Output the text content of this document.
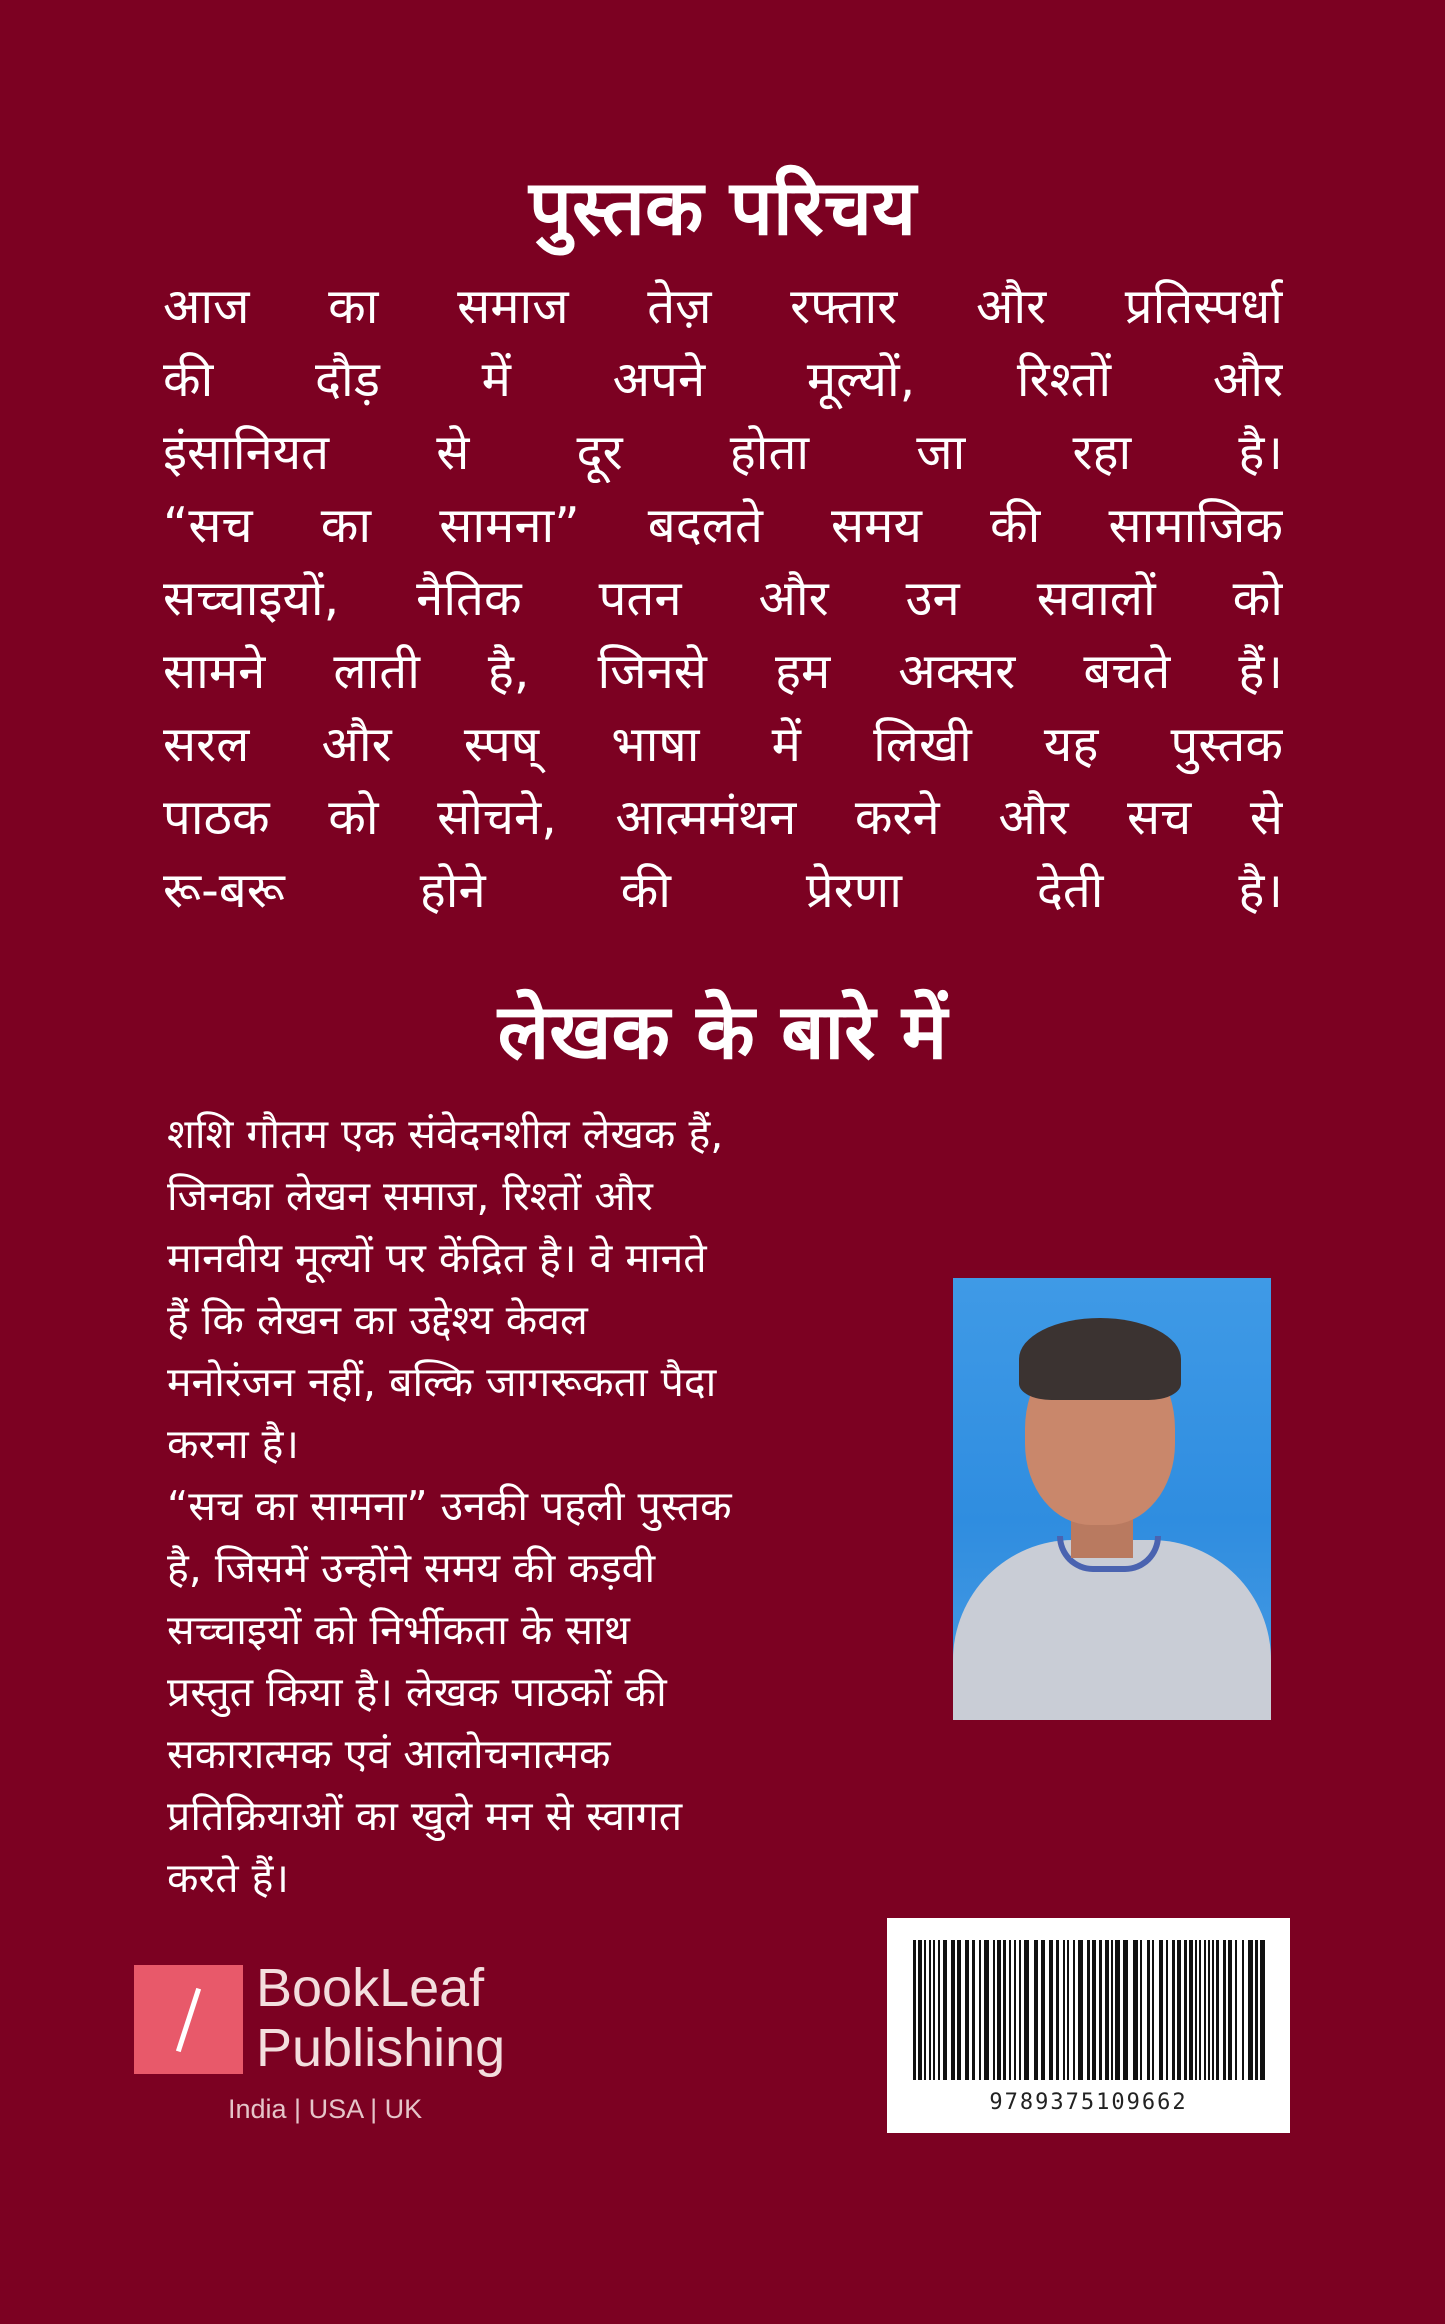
पुस्तक परिचय
आज का समाज तेज़ रफ्तार और प्रतिस्पर्धा
की दौड़ में अपने मूल्यों, रिश्तों और
इंसानियत से दूर होता जा रहा है।
“सच का सामना” बदलते समय की सामाजिक
सच्चाइयों, नैतिक पतन और उन सवालों को
सामने लाती है, जिनसे हम अक्सर बचते हैं।
सरल और स्पष् भाषा में लिखी यह पुस्तक
पाठक को सोचने, आत्ममंथन करने और सच से
रू-बरू होने की प्रेरणा देती है।
लेखक के बारे में
शशि गौतम एक संवेदनशील लेखक हैं,
जिनका लेखन समाज, रिश्तों और
मानवीय मूल्यों पर केंद्रित है। वे मानते
हैं कि लेखन का उद्देश्य केवल
मनोरंजन नहीं, बल्कि जागरूकता पैदा
करना है।
“सच का सामना” उनकी पहली पुस्तक
है, जिसमें उन्होंने समय की कड़वी
सच्चाइयों को निर्भीकता के साथ
प्रस्तुत किया है। लेखक पाठकों की
सकारात्मक एवं आलोचनात्मक
प्रतिक्रियाओं का खुले मन से स्वागत
करते हैं।
9789375109662
BookLeaf
Publishing
India | USA | UK
